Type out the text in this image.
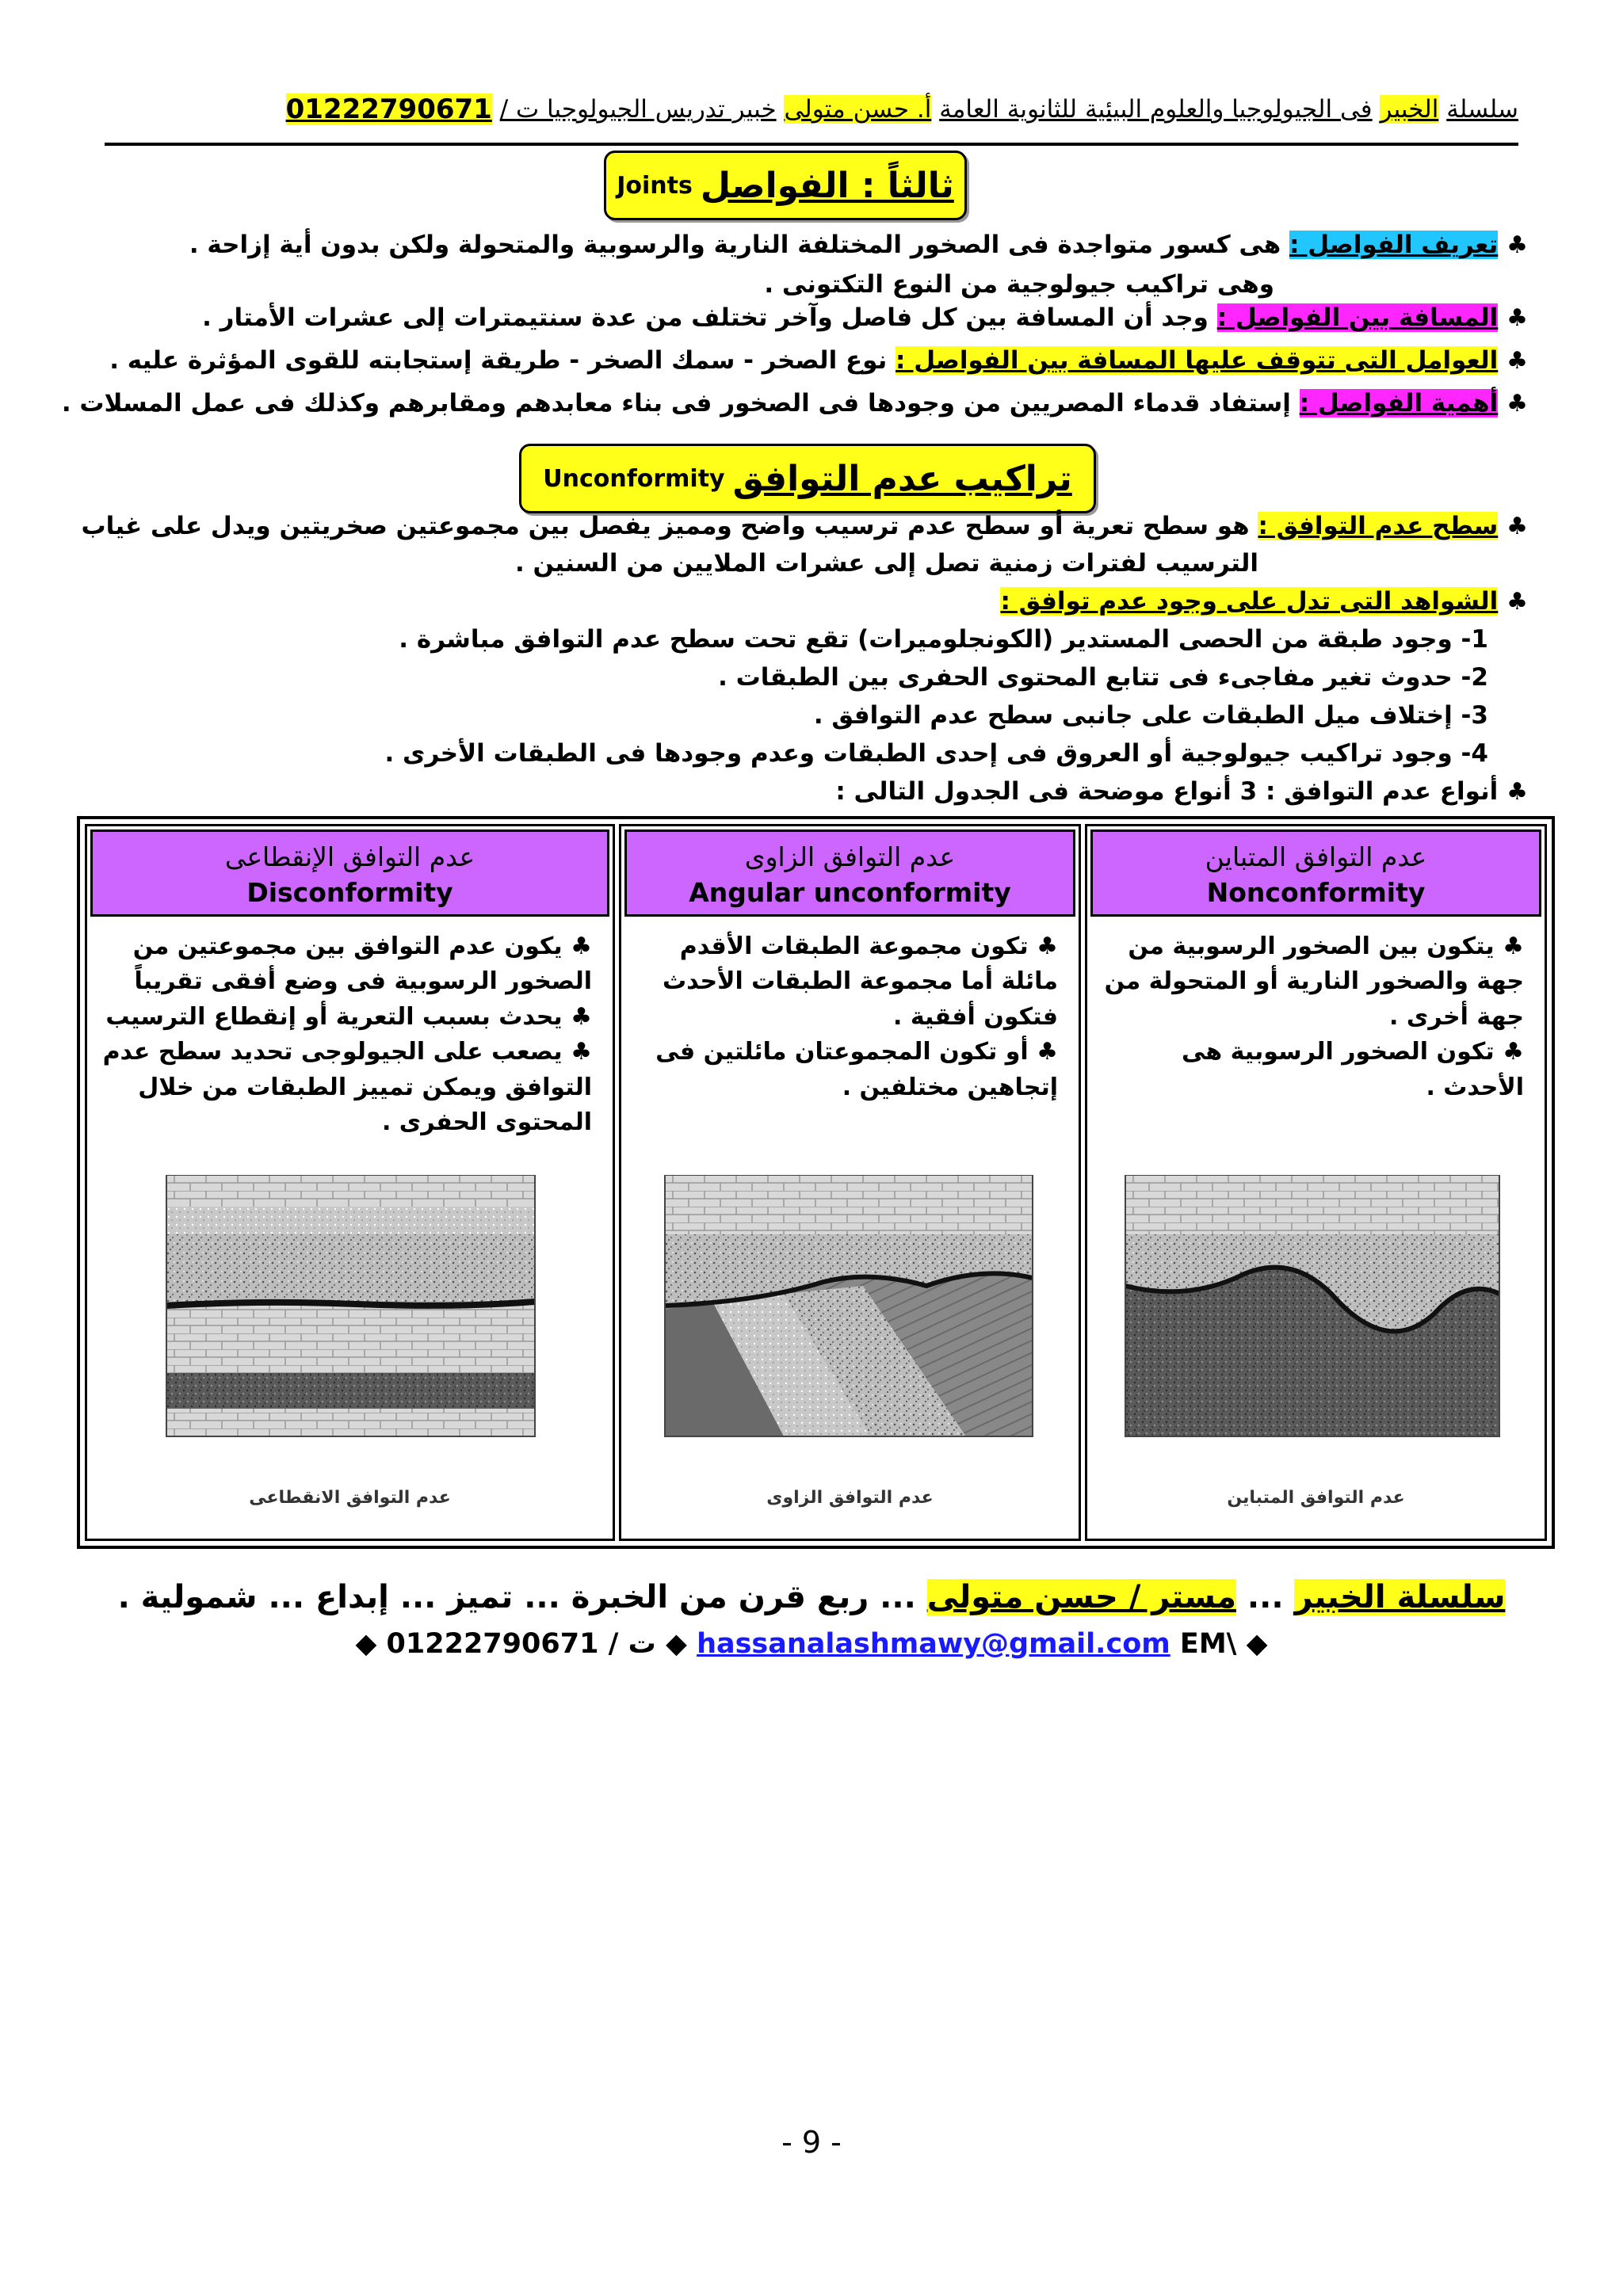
سلسلة الخبير فى الجيولوجيا والعلوم البيئية للثانوية العامة أ. حسن متولى خبير تدريس الجيولوجيا ت / 01222790671
ثالثاً : الفواصل
Joints
♣ تعريف الفواصل : هى كسور متواجدة فى الصخور المختلفة النارية والرسوبية والمتحولة ولكن بدون أية إزاحة .
وهى تراكيب جيولوجية من النوع التكتونى .
♣ المسافة بين الفواصل : وجد أن المسافة بين كل فاصل وآخر تختلف من عدة سنتيمترات إلى عشرات الأمتار .
♣ العوامل التى تتوقف عليها المسافة بين الفواصل : نوع الصخر - سمك الصخر - طريقة إستجابته للقوى المؤثرة عليه .
♣ أهمية الفواصل : إستفاد قدماء المصريين من وجودها فى الصخور فى بناء معابدهم ومقابرهم وكذلك فى عمل المسلات .
تراكيب عدم التوافق
Unconformity
♣ سطح عدم التوافق : هو سطح تعرية أو سطح عدم ترسيب واضح ومميز يفصل بين مجموعتين صخريتين ويدل على غياب
الترسيب لفترات زمنية تصل إلى عشرات الملايين من السنين .
♣ الشواهد التى تدل على وجود عدم توافق :
1- وجود طبقة من الحصى المستدير (الكونجلوميرات) تقع تحت سطح عدم التوافق مباشرة .
2- حدوث تغير مفاجىء فى تتابع المحتوى الحفرى بين الطبقات .
3- إختلاف ميل الطبقات على جانبى سطح عدم التوافق .
4- وجود تراكيب جيولوجية أو العروق فى إحدى الطبقات وعدم وجودها فى الطبقات الأخرى .
♣ أنواع عدم التوافق : 3 أنواع موضحة فى الجدول التالى :
عدم التوافق المتباين
Nonconformity

♣ يتكون بين الصخور الرسوبية من جهة والصخور النارية أو المتحولة من جهة أخرى .

♣ تكون الصخور الرسوبية هى الأحدث .

عدم التوافق المتباين
عدم التوافق الزاوى
Angular unconformity

♣ تكون مجموعة الطبقات الأقدم مائلة أما مجموعة الطبقات الأحدث فتكون أفقية .

♣ أو تكون المجموعتان مائلتين فى إتجاهين مختلفين .

عدم التوافق الزاوى
عدم التوافق الإنقطاعى
Disconformity

♣ يكون عدم التوافق بين مجموعتين من الصخور الرسوبية فى وضع أفقى تقريباً

♣ يحدث بسبب التعرية أو إنقطاع الترسيب

♣ يصعب على الجيولوجى تحديد سطح عدم التوافق ويمكن تمييز الطبقات من خلال المحتوى الحفرى .

عدم التوافق الانقطاعى
سلسلة الخبير ... مستر / حسن متولى ... ربع قرن من الخبرة ... تميز ... إبداع ... شمولية .
◆ hassanalashmawy@gmail.com EM\ ◆ ت / 01222790671 ◆
- 9 -
